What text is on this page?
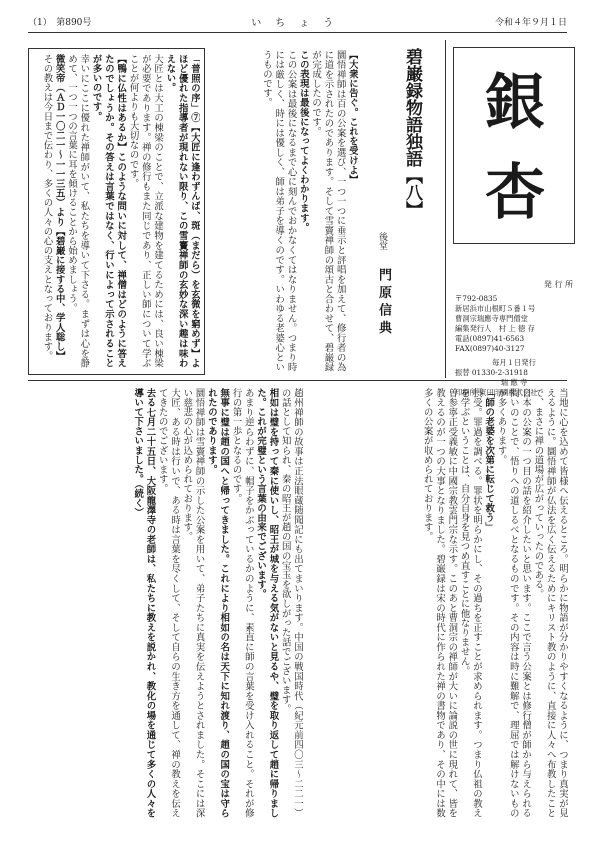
（1）　第890号	い　ち　ょ　う	令和４年９月１日
銀
杏
発 行 所
〒792-0835
新居浜市山根町５番１号
曹洞宗瑞應寺専門僧堂
編集発行人　村 上 徳 存
電話(0897)41-6563
FAX(0897)40-3127
毎月１日発行
振替 01330-2-31918
瑞 應 寺
印刷所 東田印刷株式会社
碧巌録物語独語【八】
後堂
門 原 信 典

【大衆に告ぐ。これを受けよ】

圜悟禅師は百の公案を選び、一つ一つに垂示と評唱を加えて、修行者の為に道を示されたのであります。そして雪竇禅師の頌古と合わせて、碧巌録が完成したのです。

この表現は最後になってよくわかります。

この公案は最後になるまで心に刻んでおかなくてはなりません。つまり時には厳しく、時には優しく、師は弟子を導くのです。いわゆる老婆心というものです。

「普照の序」⑦【大匠に逢わずんば、斑（まだら）を玄微を窮めず】よほど優れた指導者が現れない限り、この雪竇禅師の玄妙な深い趣は味わえない。

大匠とは大工の棟梁のことで、立派な建物を建てるためには、良い棟梁が必要であります。禅の修行もまた同じであり、正しい師について学ぶことが何よりも大切なのです。

【鴨に仏性はあるか】このような問いに対して、禅僧はどのように答えたのでしょうか。その答えは言葉ではなく、行いによって示されることが多いのです。

幸いにここに優れた禅師がいて、私たちを導いて下さる。まずは心を静めて、一つ一つの言葉に耳を傾けることから始めましょう。

微笑帝（ＡＤ一〇二一〜一一三五）より【碧巌に接する中、学人聡し】

その教えは今日まで伝わり、多くの人々の心の支えとなっております。

当地に心を込めて皆様へ伝えるところ。明らかに物語が分かりやすくなるように、つまり真実が見えるように。圜悟禅師が仏法を広く伝えるためにキリスト教のように、直接に人々へ布教したことで、まさに禅の道場が広がっていったのである。

日本の公案の一つ目の話を紹介したいと思います。ここで言う公案とは修行僧が師から与えられる問いのことで、悟りへの道しるべとなるものです。その内容は時に難解で、理屈では解けないものが多くあります。

「師の老婆を次第に転じて救う」

摂受。罪過を調べる。罪状を明らかにし、その過ちを正すことが求められます。つまり仏祖の教えを学ぶということは、自分自身を見つめ直すことに他なりません。

曽参寧正受義敏に中國宗教雲門宗な示す。このあと曹洞宗の禅師が大いに論説の世に現れて、皆を教えるのが一つの大事となりました。碧巌録は宋の時代に作られた禅の書物であり、その中には数多くの公案が収められております。

趙州禅師の故事は正法眼蔵随聞記にも出てまいります。中国の戦国時代（紀元前四〇三〜二二一）の話として知られ、秦の昭王が趙の国の宝玉を欲しがった話でございます。

相如は璧を持って秦に使いし、昭王が城を与える気がないと見るや、璧を取り返して趙に帰りました。これが完璧という言葉の由来でございます。

あまり逆らわずに、帽子をかぶっているかのように、素直に師の言葉を受け入れること。それが修行の第一歩となるのです。

無事に璧は趙の国へと帰ってきました。これにより相如の名は天下に知れ渡り、趙の国の宝は守られたのであります。

圜悟禅師は雪竇禅師の示した公案を用いて、弟子たちに真実を伝えようとされました。そこには深い慈悲の心が込められております。

大匠、ある時は行いで、ある時は言葉を尽くして、そして自らの生き方を通して、禅の教えを伝えてきたのでございます。

去る七月二十五日、大阪龍澤寺の老師は、私たちに教えを説かれ、教化の場を通じて多くの人々を導いて下さいました。（続く）
